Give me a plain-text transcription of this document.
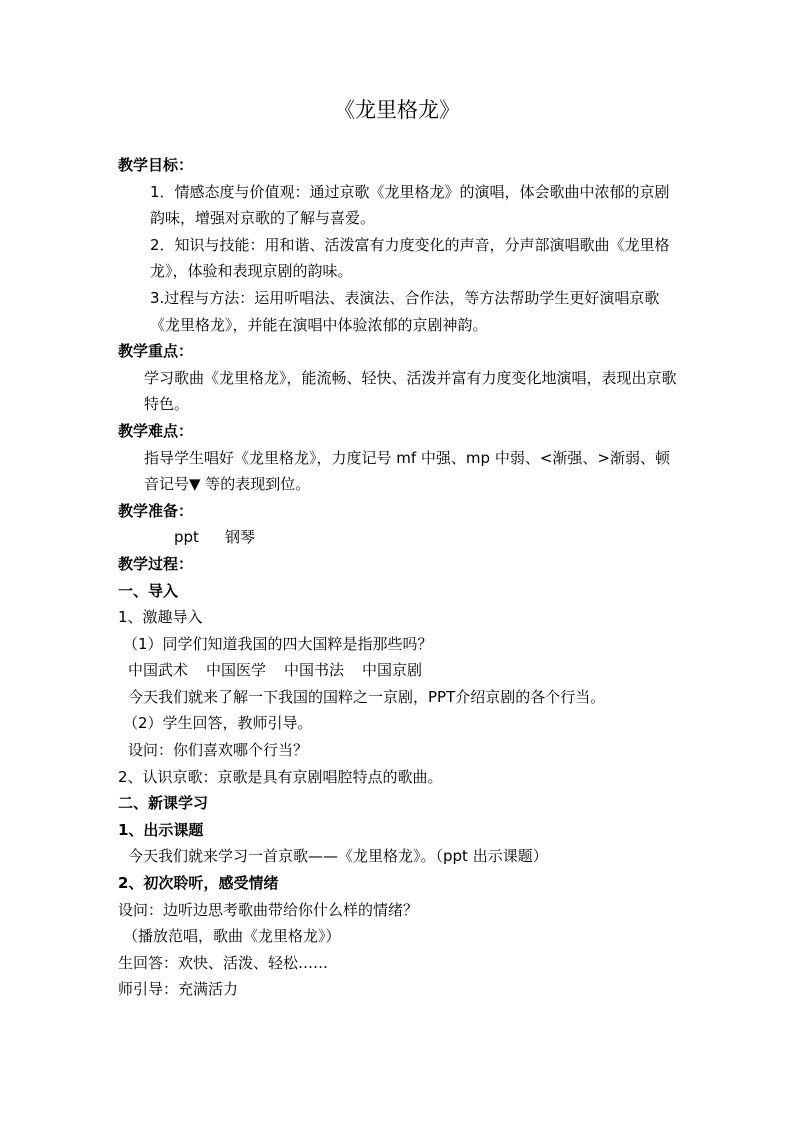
《龙里格龙》

教学目标：

1．情感态度与价值观：通过京歌《龙里格龙》的演唱，体会歌曲中浓郁的京剧韵味，增强对京歌的了解与喜爱。

2．知识与技能：用和谐、活泼富有力度变化的声音，分声部演唱歌曲《龙里格龙》，体验和表现京剧的韵味。

3.过程与方法：运用听唱法、表演法、合作法，等方法帮助学生更好演唱京歌《龙里格龙》，并能在演唱中体验浓郁的京剧神韵。

教学重点：

学习歌曲《龙里格龙》，能流畅、轻快、活泼并富有力度变化地演唱，表现出京歌特色。

教学难点：

指导学生唱好《龙里格龙》，力度记号 mf 中强、mp 中弱、<渐强、>渐弱、顿音记号▼ 等的表现到位。

教学准备：

ppt 钢琴

教学过程：

一、导入

1、激趣导入

（1）同学们知道我国的四大国粹是指那些吗？

中国武术 中国医学 中国书法 中国京剧

今天我们就来了解一下我国的国粹之一京剧，PPT介绍京剧的各个行当。

（2）学生回答，教师引导。

设问：你们喜欢哪个行当？

2、认识京歌：京歌是具有京剧唱腔特点的歌曲。

二、新课学习

1、出示课题

今天我们就来学习一首京歌——《龙里格龙》。（ppt 出示课题）

2、初次聆听，感受情绪

设问：边听边思考歌曲带给你什么样的情绪？

（播放范唱，歌曲《龙里格龙》）

生回答：欢快、活泼、轻松……

师引导：充满活力
